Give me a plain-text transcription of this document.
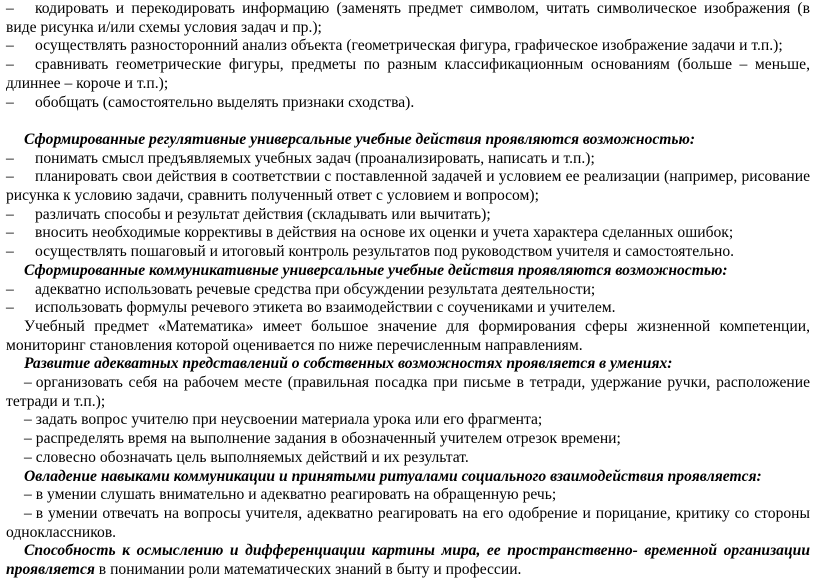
– кодировать и перекодировать информацию (заменять предмет символом, читать символическое изображения (в виде рисунка и/или схемы условия задач и пр.);

– осуществлять разносторонний анализ объекта (геометрическая фигура, графическое изображение задачи и т.п.);

– сравнивать геометрические фигуры, предметы по разным классификационным основаниям (больше – меньше, длиннее – короче и т.п.);

– обобщать (самостоятельно выделять признаки сходства).

Сформированные регулятивные универсальные учебные действия проявляются возможностью:

– понимать смысл предъявляемых учебных задач (проанализировать, написать и т.п.);

– планировать свои действия в соответствии с поставленной задачей и условием ее реализации (например, рисование рисунка к условию задачи, сравнить полученный ответ с условием и вопросом);

– различать способы и результат действия (складывать или вычитать);

– вносить необходимые коррективы в действия на основе их оценки и учета характера сделанных ошибок;

– осуществлять пошаговый и итоговый контроль результатов под руководством учителя и самостоятельно.

Сформированные коммуникативные универсальные учебные действия проявляются возможностью:

– адекватно использовать речевые средства при обсуждении результата деятельности;

– использовать формулы речевого этикета во взаимодействии с соучениками и учителем.

Учебный предмет «Математика» имеет большое значение для формирования сферы жизненной компетенции, мониторинг становления которой оценивается по ниже перечисленным направлениям.

Развитие адекватных представлений о собственных возможностях проявляется в умениях:

– организовать себя на рабочем месте (правильная посадка при письме в тетради, удержание ручки, расположение тетради и т.п.);

– задать вопрос учителю при неусвоении материала урока или его фрагмента;

– распределять время на выполнение задания в обозначенный учителем отрезок времени;

– словесно обозначать цель выполняемых действий и их результат.

Овладение навыками коммуникации и принятыми ритуалами социального взаимодействия проявляется:

– в умении слушать внимательно и адекватно реагировать на обращенную речь;

– в умении отвечать на вопросы учителя, адекватно реагировать на его одобрение и порицание, критику со стороны одноклассников.

Способность к осмыслению и дифференциации картины мира, ее пространственно- временной организации проявляется в понимании роли математических знаний в быту и профессии.
